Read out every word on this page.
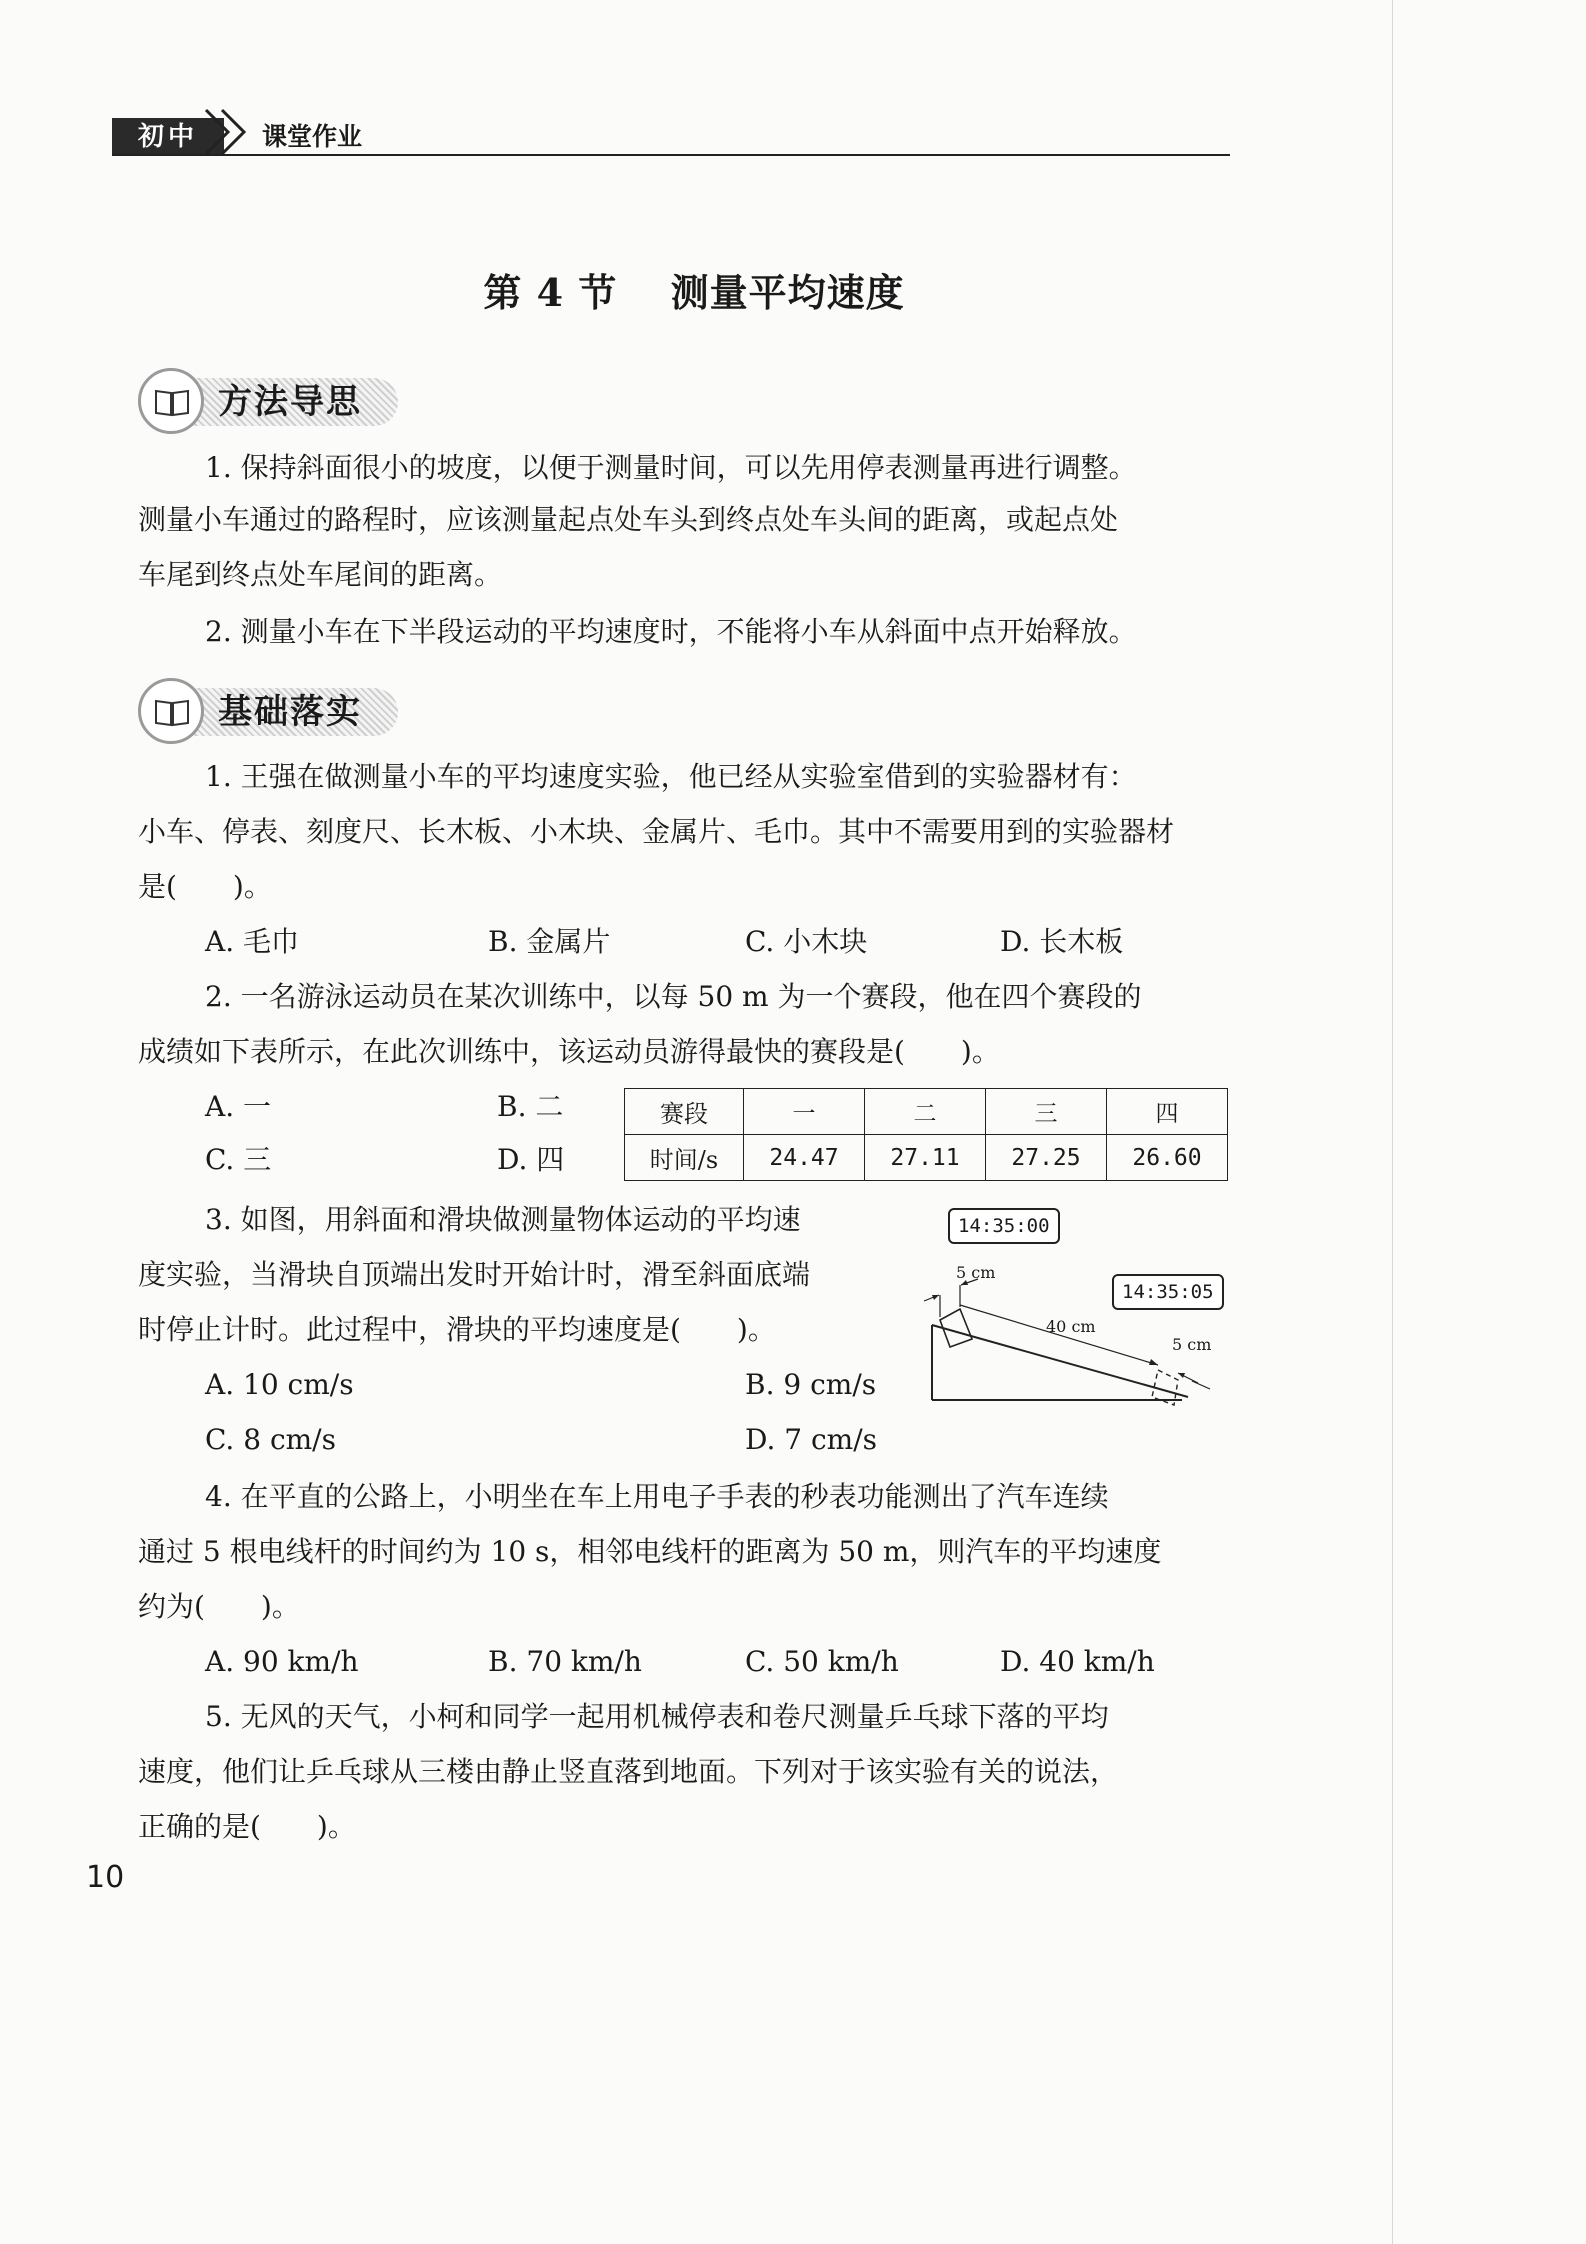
初中	课堂作业
第 4 节　 测量平均速度
方法导思
1. 保持斜面很小的坡度，以便于测量时间，可以先用停表测量再进行调整。
测量小车通过的路程时，应该测量起点处车头到终点处车头间的距离，或起点处
车尾到终点处车尾间的距离。
2. 测量小车在下半段运动的平均速度时，不能将小车从斜面中点开始释放。
基础落实
1. 王强在做测量小车的平均速度实验，他已经从实验室借到的实验器材有：
小车、停表、刻度尺、长木板、小木块、金属片、毛巾。其中不需要用到的实验器材
是(　　)。
A. 毛巾	B. 金属片	C. 小木块	D. 长木板
2. 一名游泳运动员在某次训练中，以每 50 m 为一个赛段，他在四个赛段的
成绩如下表所示，在此次训练中，该运动员游得最快的赛段是(　　)。
A. 一	B. 二
C. 三	D. 四
赛段	一	二	三	四
时间/s	24.47	27.11	27.25	26.60
3. 如图，用斜面和滑块做测量物体运动的平均速
度实验，当滑块自顶端出发时开始计时，滑至斜面底端
时停止计时。此过程中，滑块的平均速度是(　　)。
A. 10 cm/s	B. 9 cm/s
C. 8 cm/s	D. 7 cm/s
5 cm
40 cm
5 cm
14:35:00
14:35:05
4. 在平直的公路上，小明坐在车上用电子手表的秒表功能测出了汽车连续
通过 5 根电线杆的时间约为 10 s，相邻电线杆的距离为 50 m，则汽车的平均速度
约为(　　)。
A. 90 km/h	B. 70 km/h	C. 50 km/h	D. 40 km/h
5. 无风的天气，小柯和同学一起用机械停表和卷尺测量乒乓球下落的平均
速度，他们让乒乓球从三楼由静止竖直落到地面。下列对于该实验有关的说法，
正确的是(　　)。
10
